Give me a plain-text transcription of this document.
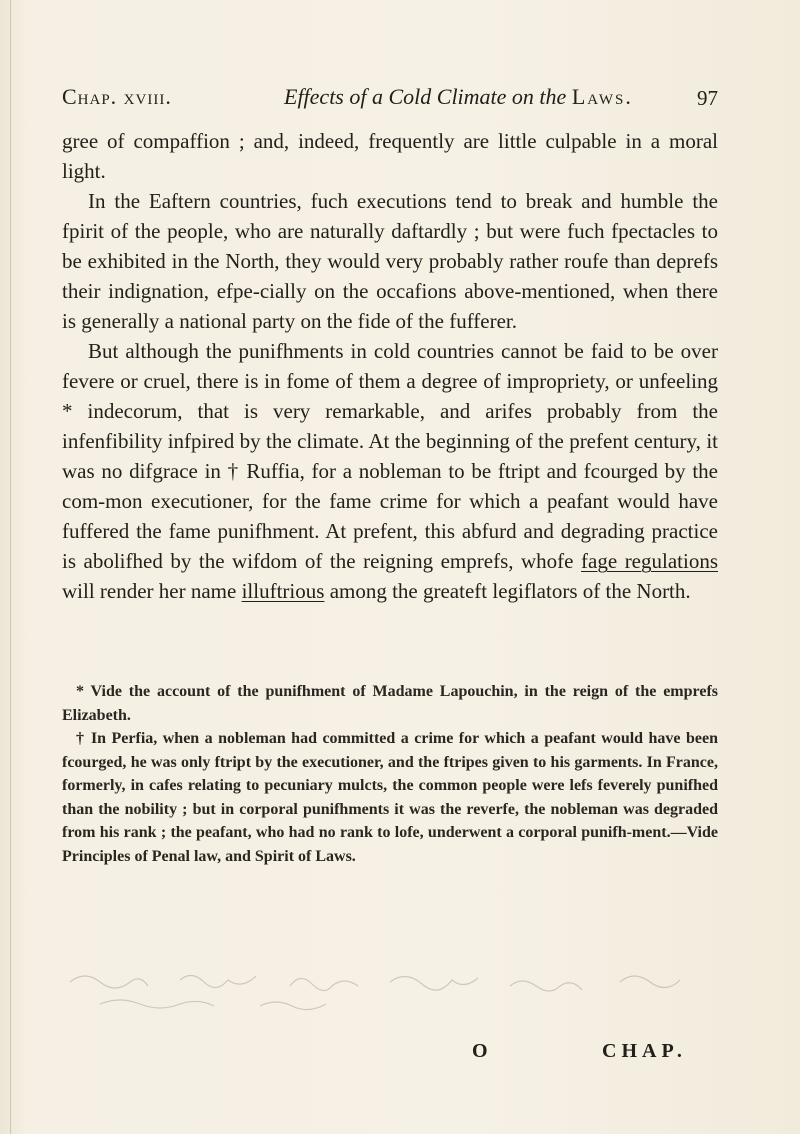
Chap. xviii.	Effects of a Cold Climate on the Laws.	97

gree of compaffion ; and, indeed, frequently are little culpable in a moral light.

In the Eaftern countries, fuch executions tend to break and humble the fpirit of the people, who are naturally daftardly ; but were fuch fpectacles to be exhibited in the North, they would very probably rather roufe than deprefs their indignation, efpe-cially on the occafions above-mentioned, when there is generally a national party on the fide of the fufferer.

But although the punifhments in cold countries cannot be faid to be over fevere or cruel, there is in fome of them a degree of impropriety, or unfeeling * indecorum, that is very remarkable, and arifes probably from the infenfibility infpired by the climate. At the beginning of the prefent century, it was no difgrace in † Ruffia, for a nobleman to be ftript and fcourged by the com-mon executioner, for the fame crime for which a peafant would have fuffered the fame punifhment. At prefent, this abfurd and degrading practice is abolifhed by the wifdom of the reigning emprefs, whofe fage regulations will render her name illuftrious among the greateft legiflators of the North.

* Vide the account of the punifhment of Madame Lapouchin, in the reign of the emprefs Elizabeth.

† In Perfia, when a nobleman had committed a crime for which a peafant would have been fcourged, he was only ftript by the executioner, and the ftripes given to his garments. In France, formerly, in cafes relating to pecuniary mulcts, the common people were lefs feverely punifhed than the nobility ; but in corporal punifhments it was the reverfe, the nobleman was degraded from his rank ; the peafant, who had no rank to lofe, underwent a corporal punifh-ment.—Vide Principles of Penal law, and Spirit of Laws.

O	CHAP.
